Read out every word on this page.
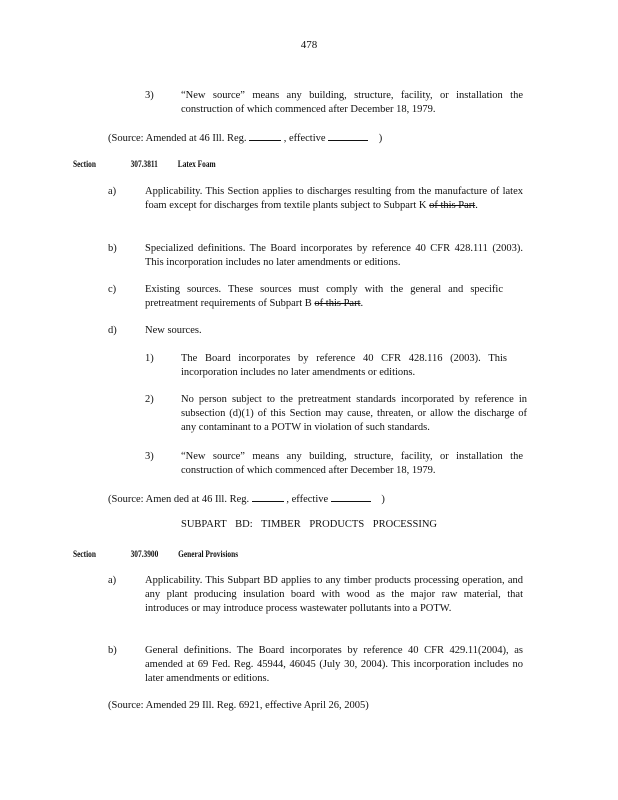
478
3)	“New source” means any building, structure, facility, or installation the construction of which commenced after December 18, 1979.
(Source: Amended at 46 Ill. Reg.	, effective	)
Section	307.3811 Latex Foam
a)	Applicability. This Section applies to discharges resulting from the manufacture of latex foam except for discharges from textile plants subject to Subpart K of this Part.
b)	Specialized definitions. The Board incorporates by reference 40 CFR 428.111 (2003). This incorporation includes no later amendments or editions.
c)	Existing sources. These sources must comply with the general and specific pretreatment requirements of Subpart B of this Part.
d)	New sources.
1)	The Board incorporates by reference 40 CFR 428.116 (2003). This incorporation includes no later amendments or editions.
2)	No person subject to the pretreatment standards incorporated by reference in subsection (d)(1) of this Section may cause, threaten, or allow the discharge of any contaminant to a POTW in violation of such standards.
3)	“New source” means any building, structure, facility, or installation the construction of which commenced after December 18, 1979.
(Source: Amen ded at 46 Ill. Reg.	, effective	)
SUBPART BD: TIMBER PRODUCTS PROCESSING
Section	307.3900 General Provisions
a)	Applicability. This Subpart BD applies to any timber products processing operation, and any plant producing insulation board with wood as the major raw material, that introduces or may introduce process wastewater pollutants into a POTW.
b)	General definitions. The Board incorporates by reference 40 CFR 429.11(2004), as amended at 69 Fed. Reg. 45944, 46045 (July 30, 2004). This incorporation includes no later amendments or editions.
(Source: Amended 29 Ill. Reg. 6921, effective April 26, 2005)
